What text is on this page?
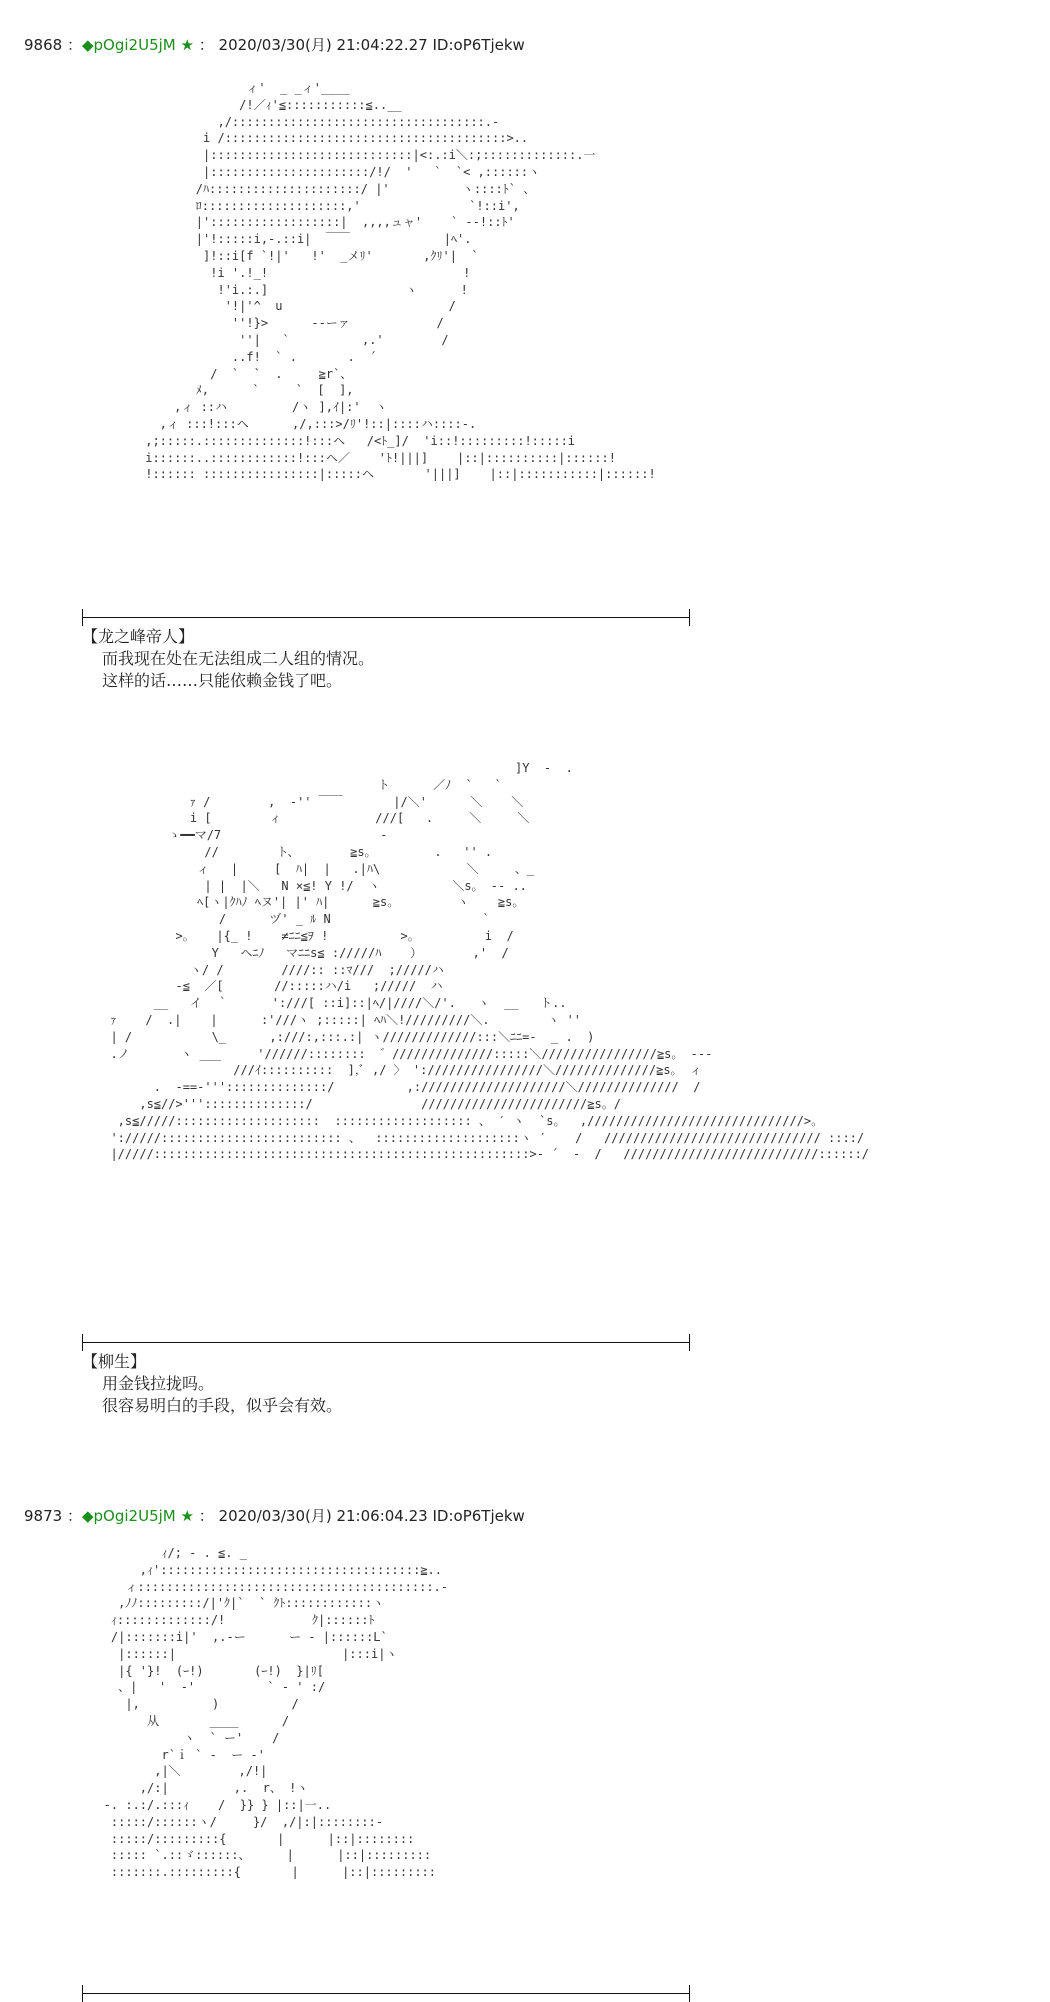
9868 ：◆pOgi2U5jM ★ ： 2020/03/30(月) 21:04:22.27 ID:oP6Tjekw
ィ'  _ _ィ'____
/!／ｨ'≦:::::::::::≦..__
,/:::::::::::::::::::::::::::::::::::.-
i /:::::::::::::::::::::::::::::::::::::::>..
|::::::::::::::::::::::::::::|<:.:i＼:;:::::::::::::.一
|::::::::::::::::::::::/!/  '   `  `< ,::::::ヽ
/ﾊ:::::::::::::::::::::/ |'          ヽ::::ﾄ` 、
ﾛ::::::::::::::::::::,'               `!::i',
|'::::::::::::::::::|  ,,,,ュャ'    ` ‐-!::ﾄ'
|'!:::::i,-.::i|  ￣￣             |ﾍ'.
]!::i[f `!|'   !'  _メﾘ'       ,ｸﾘ'|  `
!i '.!_!                           !
!'i.:.]                   ヽ      !
'!|'^  u                       /
''!}>      ‐‐ーァ            /
''|   `          ,.'        /
..f!  ` .       .  ´
/  `  `  .     ≧r`、
ﾒ,      `     `  [  ],
,ィ ::ハ         /ヽ ],ｲ|:'  ヽ
,ィ :::!:::ヘ      ,/,:::>/ﾘ'!::|::::ハ::::-.
,;:::::.::::::::::::::!:::ヘ   /<ﾄ_]/  'i::!:::::::::!:::::i
i::::::..::::::::::::!:::ヘ／    'ﾄ!|||]    |::|::::::::::|::::::!
!:::::: ::::::::::::::::|:::::ヘ       '|||]    |::|:::::::::::|::::::!
【龙之峰帝人】
而我现在处在无法组成二人组的情况。
这样的话……只能依赖金钱了吧。
]Y  -  .
ト      ／ﾉ  `   `
ｧ /        ,  ‐'' ￣￣       |/＼'      ＼    ＼
i [        ィ             ///[   .     ＼     ＼
ゝ━━マ/7                      -
//        ト、       ≧s。        .   '' .
ィ   |     [  ﾊ|  |   .|ﾊ\            ＼     、_
| |  |＼   N ×≦! Y !/  ヽ          ＼s。 -- ..
ﾍ[ヽ|ｸﾊﾉ ﾍヌ'| |' ﾊ|      ≧s。        ヽ    ≧s。
/      ヅ' _ ﾙ N                     `
>。   |{_ !    ≠ﾆﾆ≦ｦ !          >。         i  /
Y   ヘﾆﾉ   マﾆﾆs≦ ://///ﾊ    ）       ,'  /
ヽ/ /        ////:: ::ﾏ///  ;/////ハ
‐≦  ／[       //:::::ハ/i   ;/////  ハ
__   イ  ｀      ':///[ ::i]::|ﾍ/|////＼/'.   ヽ  __   ト..
ｧ    /  .|    |      :'///ヽ ;:::::| ﾍﾊ＼!/////////＼.        ヽ ''
| /           \_      ,:///:,:::.:| ヽ/////////////:::＼ﾆﾆ=-  _ .  )
.ノ       ヽ ___     '//////::::::::  ゛//////////////:::::＼////////////////≧s。 ‐‐‐
///ｲ::::::::::  ],ﾞ ,/ 〉 ':////////////////＼//////////////≧s。 ィ
.  -==‐'''::::::::::::::/          ,:////////////////////＼//////////////  /
,s≦//>'''::::::::::::::/               ///////////////////////≧s。/
,s≦/////::::::::::::::::::::  ::::::::::::::::::: 、 ′ ヽ  `s。  ,//////////////////////////////>。
'://///::::::::::::::::::::::::: 、  ::::::::::::::::::::ヽ ′    /   ////////////////////////////// ::::/
|/////::::::::::::::::::::::::::::::::::::::::::::::::::::>‐ ´  ‐  /   ///////////////////////////::::::/
【柳生】
用金钱拉拢吗。
很容易明白的手段，似乎会有效。
9873 ：◆pOgi2U5jM ★ ： 2020/03/30(月) 21:06:04.23 ID:oP6Tjekw
ｨ/; - . ≦. _
,ｨ'::::::::::::::::::::::::::::::::::::≧..
ィ:::::::::::::::::::::::::::::::::::::::::.-
,ﾉﾉ:::::::::/|'ｸ|`  ` ｸﾄ::::::::::::ヽ
ｨ:::::::::::::/!            ｸ|::::::ﾄ
/|:::::::i|'  ,.-ー      ー - |::::::L`
|::::::|                       |:::i|ヽ
|{ '}!  (ｰ!)       (ｰ!)  }|ﾘ[
、|   '  ‐'          ` - ' :/
|,          )          /
从       ____      /
ヽ  ` ー'    /
r`ｉ ` ‐  ー ‐'
,|＼        ,/!|
,/:|         ,.  r、 !ヽ
-. :.:/.:::ｨ    /  }} } |::|一..
:::::/::::::ヽ/     }/  ,/|:|::::::::-
:::::/:::::::::{       |      |::|::::::::
::::: `.::ゞ::::::、     |      |::|:::::::::
:::::::.:::::::::{       |      |::|:::::::::
